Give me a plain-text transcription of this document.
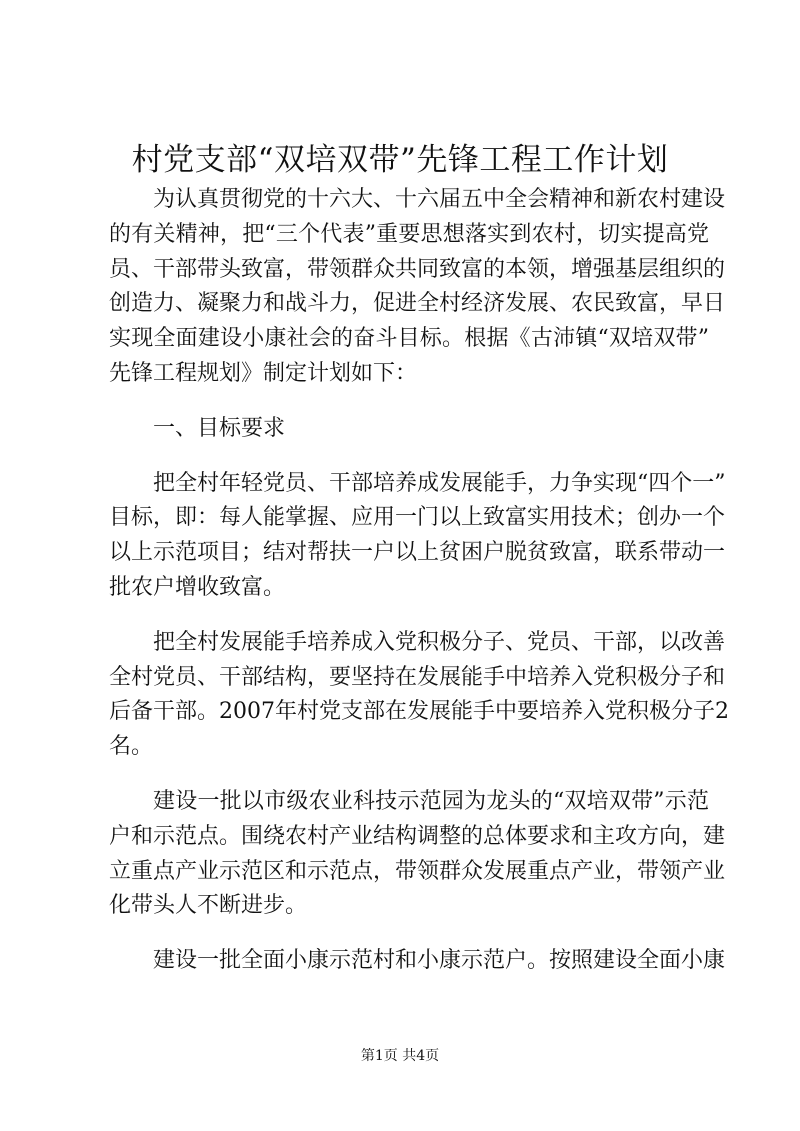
村党支部“双培双带”先锋工程工作计划
为认真贯彻党的十六大、十六届五中全会精神和新农村建设
的有关精神，把“三个代表”重要思想落实到农村，切实提高党
员、干部带头致富，带领群众共同致富的本领，增强基层组织的
创造力、凝聚力和战斗力，促进全村经济发展、农民致富，早日
实现全面建设小康社会的奋斗目标。根据《古沛镇“双培双带”
先锋工程规划》制定计划如下：
一、目标要求
把全村年轻党员、干部培养成发展能手，力争实现“四个一”
目标，即：每人能掌握、应用一门以上致富实用技术；创办一个
以上示范项目；结对帮扶一户以上贫困户脱贫致富，联系带动一
批农户增收致富。
把全村发展能手培养成入党积极分子、党员、干部，以改善
全村党员、干部结构，要坚持在发展能手中培养入党积极分子和
后备干部。2007年村党支部在发展能手中要培养入党积极分子2
名。
建设一批以市级农业科技示范园为龙头的“双培双带”示范
户和示范点。围绕农村产业结构调整的总体要求和主攻方向，建
立重点产业示范区和示范点，带领群众发展重点产业，带领产业
化带头人不断进步。
建设一批全面小康示范村和小康示范户。按照建设全面小康
第1页 共4页
